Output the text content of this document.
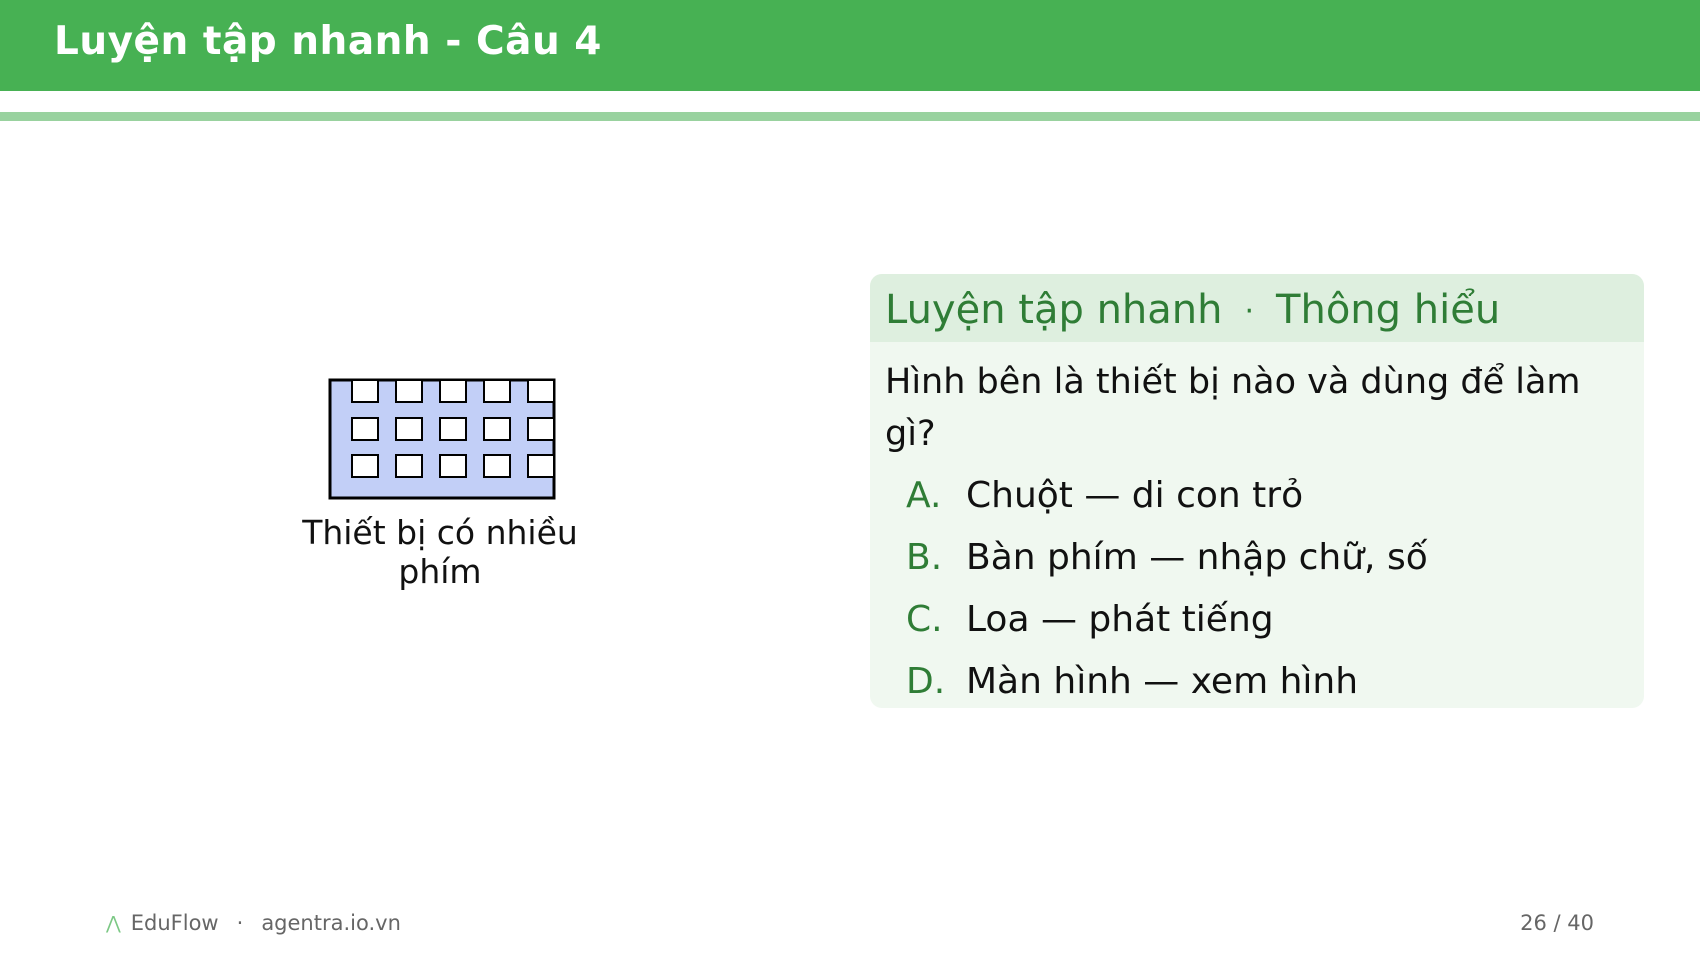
Luyện tập nhanh - Câu 4
Thiết bị có nhiều phím
Luyện tập nhanh · Thông hiểu
Hình bên là thiết bị nào và dùng để làm gì?
A. Chuột — di con trỏ
B. Bàn phím — nhập chữ, số
C. Loa — phát tiếng
D. Màn hình — xem hình
⋀ EduFlow · agentra.io.vn	26 / 40
